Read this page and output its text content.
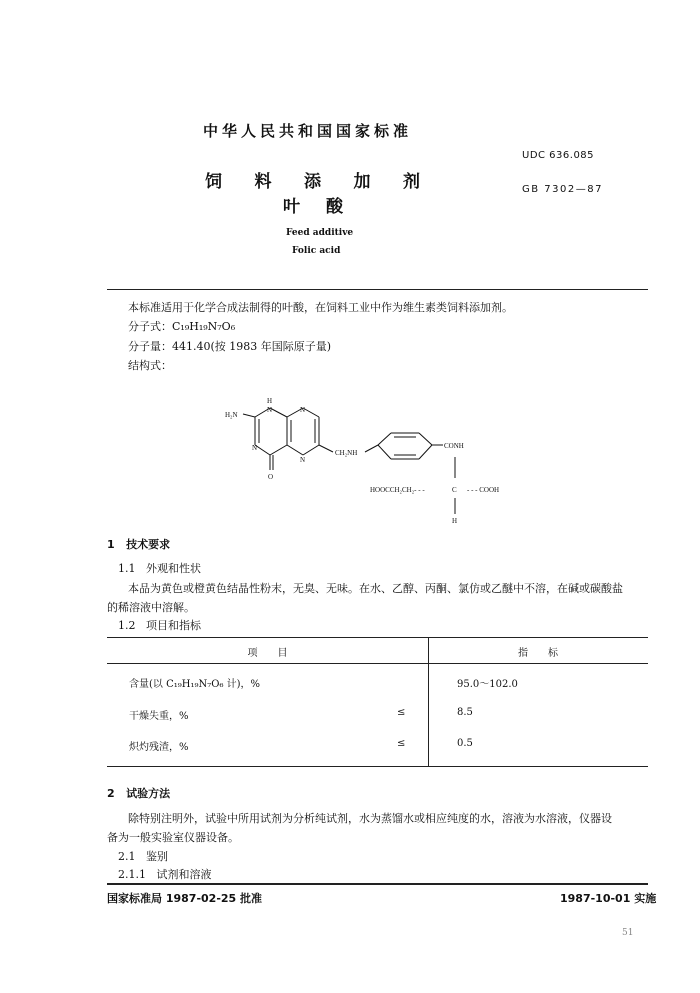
中华人民共和国国家标准
UDC 636.085
GB 7302—87
饲 料 添 加 剂
叶 酸
Feed additive
Folic acid
本标准适用于化学合成法制得的叶酸，在饲料工业中作为维生素类饲料添加剂。
分子式：C₁₉H₁₉N₇O₆
分子量：441.40(按 1983 年国际原子量)
结构式：
H
N	N
H₂N
N
N
O
CH₂NH
CONH
HOOCCH₂CH₂- - -	C - - - COOH
H
1 技术要求
1.1 外观和性状
本品为黄色或橙黄色结晶性粉末，无臭、无味。在水、乙醇、丙酮、氯仿或乙醚中不溶，在碱或碳酸盐
的稀溶液中溶解。
1.2 项目和指标
项　　目	指　　标
含量(以 C₁₉H₁₉N₇O₆ 计)，%	95.0～102.0
干燥失重，%	≤	8.5
炽灼残渣，%	≤	0.5
2 试验方法
除特别注明外，试验中所用试剂为分析纯试剂，水为蒸馏水或相应纯度的水，溶液为水溶液，仪器设
备为一般实验室仪器设备。
2.1 鉴别
2.1.1 试剂和溶液
国家标准局 1987-02-25 批准	1987-10-01 实施
51
